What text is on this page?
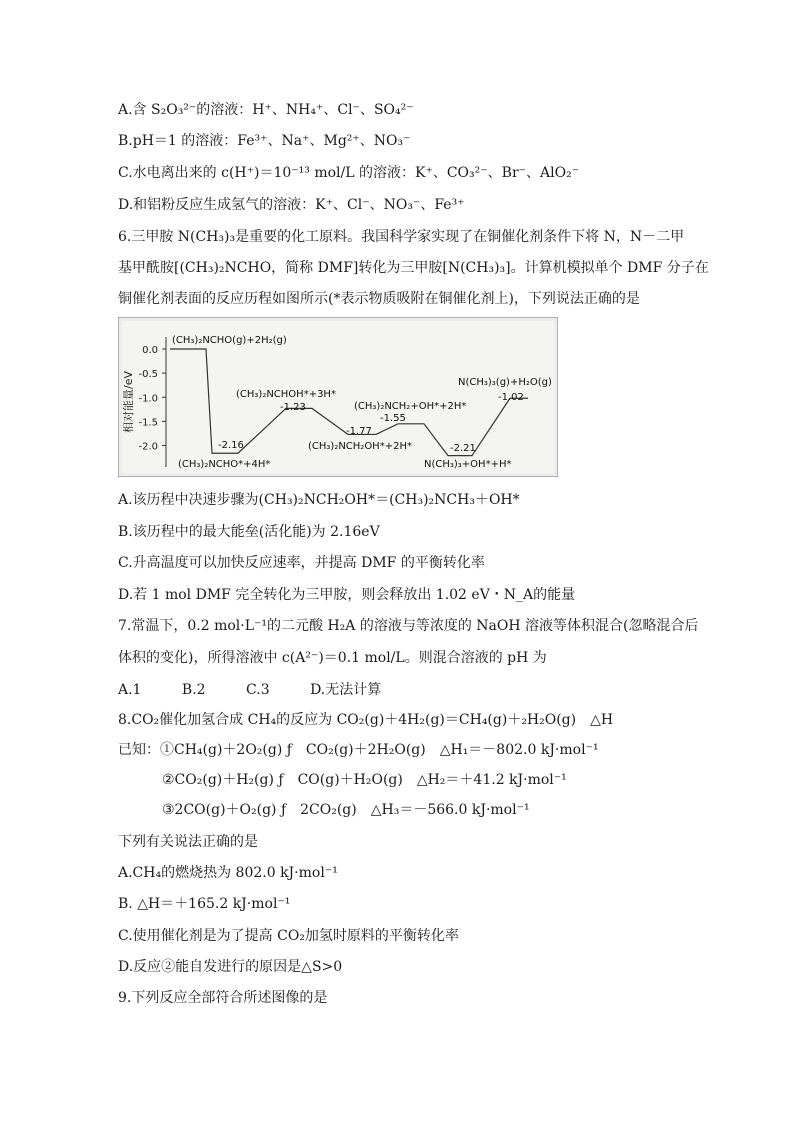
A.含 S₂O₃²⁻的溶液：H⁺、NH₄⁺、Cl⁻、SO₄²⁻
B.pH＝1 的溶液：Fe³⁺、Na⁺、Mg²⁺、NO₃⁻
C.水电离出来的 c(H⁺)＝10⁻¹³ mol/L 的溶液：K⁺、CO₃²⁻、Br⁻、AlO₂⁻
D.和铝粉反应生成氢气的溶液：K⁺、Cl⁻、NO₃⁻、Fe³⁺
6.三甲胺 N(CH₃)₃是重要的化工原料。我国科学家实现了在铜催化剂条件下将 N，N－二甲
基甲酰胺[(CH₃)₂NCHO，简称 DMF]转化为三甲胺[N(CH₃)₃]。计算机模拟单个 DMF 分子在
铜催化剂表面的反应历程如图所示(*表示物质吸附在铜催化剂上)，下列说法正确的是
相对能量/eV
0.0
-0.5
-1.0
-1.5
-2.0
(CH₃)₂NCHO(g)+2H₂(g)
(CH₃)₂NCHO*+4H*
-2.16
(CH₃)₂NCHOH*+3H*
-1.23
(CH₃)₂NCH₂OH*+2H*
-1.77
(CH₃)₂NCH₂+OH*+2H*
-1.55
N(CH₃)₃+OH*+H*
-2.21
N(CH₃)₃(g)+H₂O(g)
-1.02
A.该历程中决速步骤为(CH₃)₂NCH₂OH*＝(CH₃)₂NCH₃＋OH*
B.该历程中的最大能垒(活化能)为 2.16eV
C.升高温度可以加快反应速率，并提高 DMF 的平衡转化率
D.若 1 mol DMF 完全转化为三甲胺，则会释放出 1.02 eV・N_A的能量
7.常温下，0.2 mol·L⁻¹的二元酸 H₂A 的溶液与等浓度的 NaOH 溶液等体积混合(忽略混合后
体积的变化)，所得溶液中 c(A²⁻)＝0.1 mol/L。则混合溶液的 pH 为
A.1	B.2	C.3	D.无法计算
8.CO₂催化加氢合成 CH₄的反应为 CO₂(g)＋4H₂(g)＝CH₄(g)＋₂H₂O(g)　△H
已知：①CH₄(g)＋2O₂(g) ƒ　CO₂(g)＋2H₂O(g)　△H₁＝－802.0 kJ·mol⁻¹
②CO₂(g)＋H₂(g) ƒ　CO(g)＋H₂O(g)　△H₂＝＋41.2 kJ·mol⁻¹
③2CO(g)＋O₂(g) ƒ　2CO₂(g)　△H₃＝－566.0 kJ·mol⁻¹
下列有关说法正确的是
A.CH₄的燃烧热为 802.0 kJ·mol⁻¹
B. △H＝＋165.2 kJ·mol⁻¹
C.使用催化剂是为了提高 CO₂加氢时原料的平衡转化率
D.反应②能自发进行的原因是△S>0
9.下列反应全部符合所述图像的是
